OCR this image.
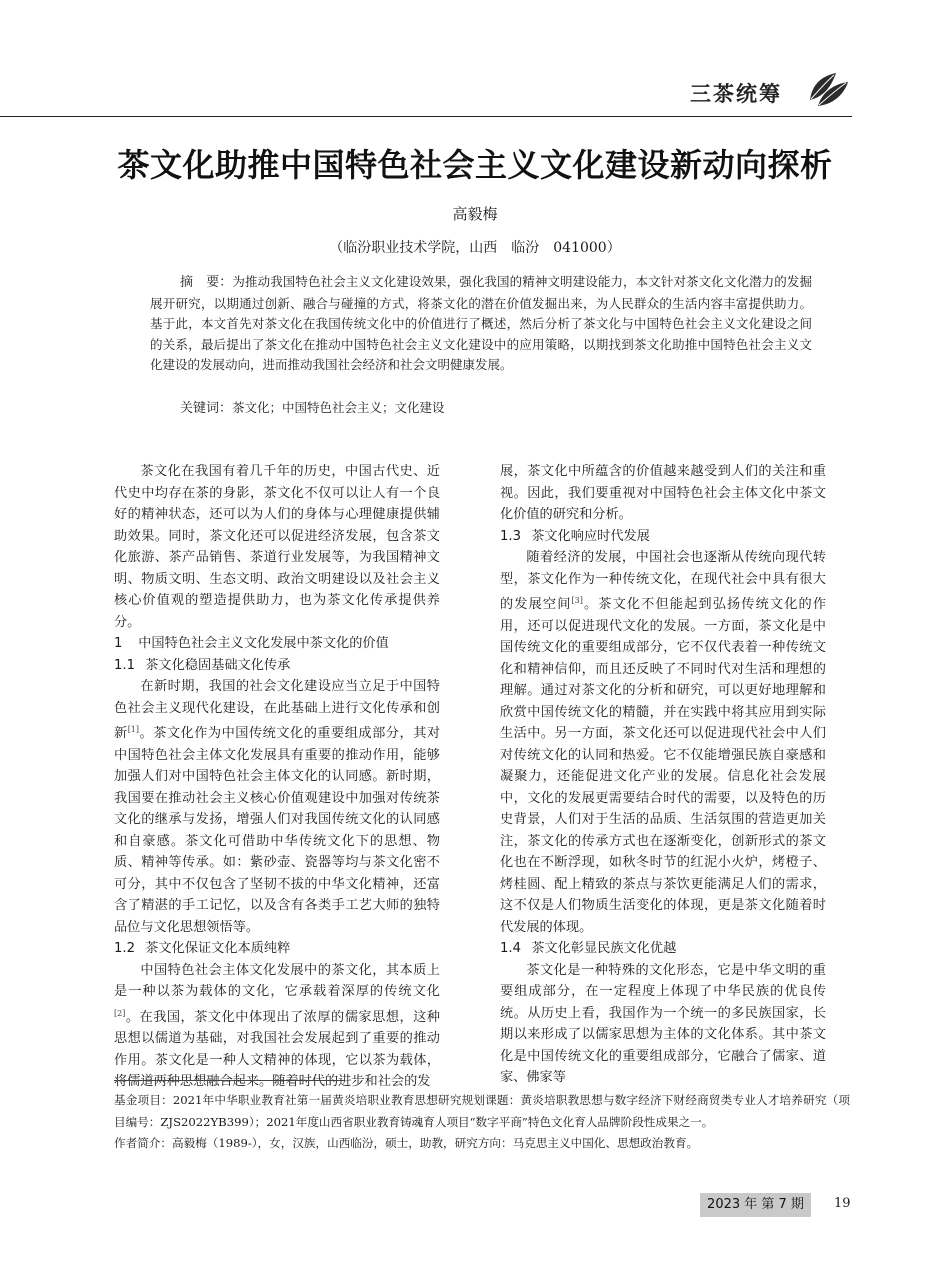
三茶统筹
茶文化助推中国特色社会主义文化建设新动向探析
高毅梅
（临汾职业技术学院，山西　临汾　041000）
摘　要：为推动我国特色社会主义文化建设效果，强化我国的精神文明建设能力，本文针对茶文化文化潜力的发掘展开研究，以期通过创新、融合与碰撞的方式，将茶文化的潜在价值发掘出来，为人民群众的生活内容丰富提供助力。基于此，本文首先对茶文化在我国传统文化中的价值进行了概述，然后分析了茶文化与中国特色社会主义文化建设之间的关系，最后提出了茶文化在推动中国特色社会主义文化建设中的应用策略，以期找到茶文化助推中国特色社会主义文化建设的发展动向，进而推动我国社会经济和社会文明健康发展。
关键词：茶文化；中国特色社会主义；文化建设

茶文化在我国有着几千年的历史，中国古代史、近代史中均存在茶的身影，茶文化不仅可以让人有一个良好的精神状态，还可以为人们的身体与心理健康提供辅助效果。同时，茶文化还可以促进经济发展，包含茶文化旅游、茶产品销售、茶道行业发展等，为我国精神文明、物质文明、生态文明、政治文明建设以及社会主义核心价值观的塑造提供助力，也为茶文化传承提供养分。

1 中国特色社会主义文化发展中茶文化的价值
1.1 茶文化稳固基础文化传承

在新时期，我国的社会文化建设应当立足于中国特色社会主义现代化建设，在此基础上进行文化传承和创新[1]。茶文化作为中国传统文化的重要组成部分，其对中国特色社会主体文化发展具有重要的推动作用，能够加强人们对中国特色社会主体文化的认同感。新时期，我国要在推动社会主义核心价值观建设中加强对传统茶文化的继承与发扬，增强人们对我国传统文化的认同感和自豪感。茶文化可借助中华传统文化下的思想、物质、精神等传承。如：紫砂壶、瓷器等均与茶文化密不可分，其中不仅包含了坚韧不拔的中华文化精神，还富含了精湛的手工记忆，以及含有各类手工艺大师的独特品位与文化思想领悟等。

1.2 茶文化保证文化本质纯粹

中国特色社会主体文化发展中的茶文化，其本质上是一种以茶为载体的文化，它承载着深厚的传统文化[2]。在我国，茶文化中体现出了浓厚的儒家思想，这种思想以儒道为基础，对我国社会发展起到了重要的推动作用。茶文化是一种人文精神的体现，它以茶为载体，将儒道两种思想融合起来。随着时代的进步和社会的发

展，茶文化中所蕴含的价值越来越受到人们的关注和重视。因此，我们要重视对中国特色社会主体文化中茶文化价值的研究和分析。

1.3 茶文化响应时代发展

随着经济的发展，中国社会也逐渐从传统向现代转型，茶文化作为一种传统文化，在现代社会中具有很大的发展空间[3]。茶文化不但能起到弘扬传统文化的作用，还可以促进现代文化的发展。一方面，茶文化是中国传统文化的重要组成部分，它不仅代表着一种传统文化和精神信仰，而且还反映了不同时代对生活和理想的理解。通过对茶文化的分析和研究，可以更好地理解和欣赏中国传统文化的精髓，并在实践中将其应用到实际生活中。另一方面，茶文化还可以促进现代社会中人们对传统文化的认同和热爱。它不仅能增强民族自豪感和凝聚力，还能促进文化产业的发展。信息化社会发展中，文化的发展更需要结合时代的需要，以及特色的历史背景，人们对于生活的品质、生活氛围的营造更加关注，茶文化的传承方式也在逐渐变化，创新形式的茶文化也在不断浮现，如秋冬时节的红泥小火炉，烤橙子、烤桂圆、配上精致的茶点与茶饮更能满足人们的需求，这不仅是人们物质生活变化的体现，更是茶文化随着时代发展的体现。

1.4 茶文化彰显民族文化优越

茶文化是一种特殊的文化形态，它是中华文明的重要组成部分，在一定程度上体现了中华民族的优良传统。从历史上看，我国作为一个统一的多民族国家，长期以来形成了以儒家思想为主体的文化体系。其中茶文化是中国传统文化的重要组成部分，它融合了儒家、道家、佛家等

基金项目：2021年中华职业教育社第一届黄炎培职业教育思想研究规划课题：黄炎培职教思想与数字经济下财经商贸类专业人才培养研究（项目编号：ZJS2022YB399）；2021年度山西省职业教育铸魂育人项目“数字平商”特色文化育人品牌阶段性成果之一。

作者简介：高毅梅（1989-），女，汉族，山西临汾，硕士，助教，研究方向：马克思主义中国化、思想政治教育。

2023 年 第 7 期	19
